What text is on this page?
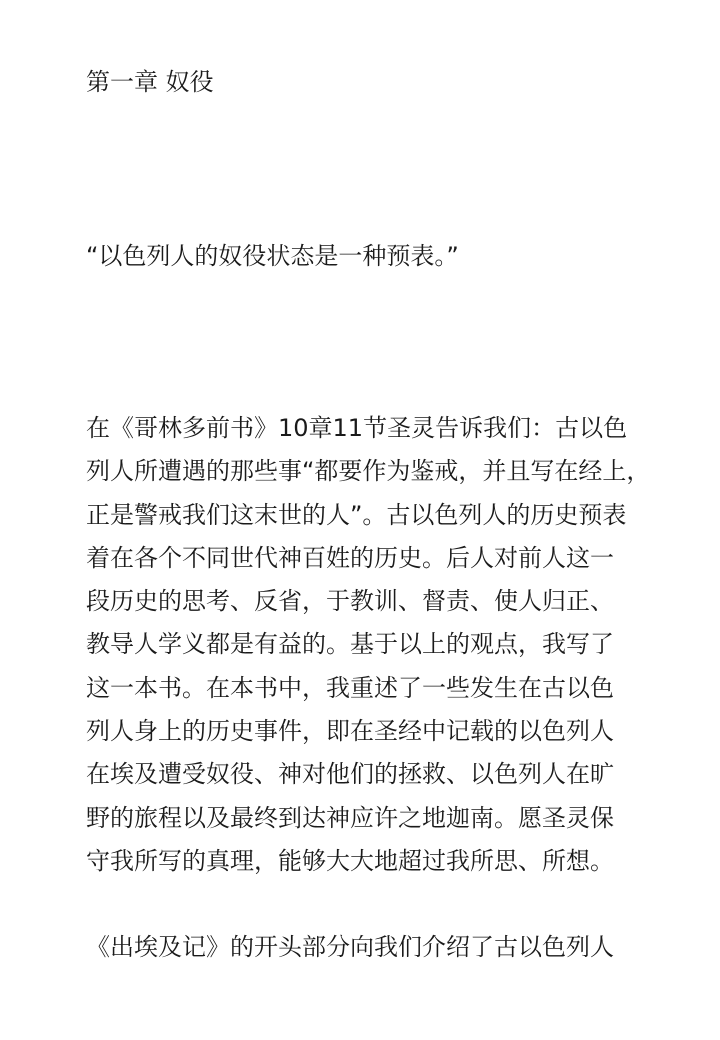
第一章 奴役
“以色列人的奴役状态是一种预表。”
在《哥林多前书》10章11节圣灵告诉我们：古以色
列人所遭遇的那些事“都要作为鉴戒，并且写在经上，
正是警戒我们这末世的人”。古以色列人的历史预表
着在各个不同世代神百姓的历史。后人对前人这一
段历史的思考、反省，于教训、督责、使人归正、
教导人学义都是有益的。基于以上的观点，我写了
这一本书。在本书中，我重述了一些发生在古以色
列人身上的历史事件，即在圣经中记载的以色列人
在埃及遭受奴役、神对他们的拯救、以色列人在旷
野的旅程以及最终到达神应许之地迦南。愿圣灵保
守我所写的真理，能够大大地超过我所思、所想。
《出埃及记》的开头部分向我们介绍了古以色列人
